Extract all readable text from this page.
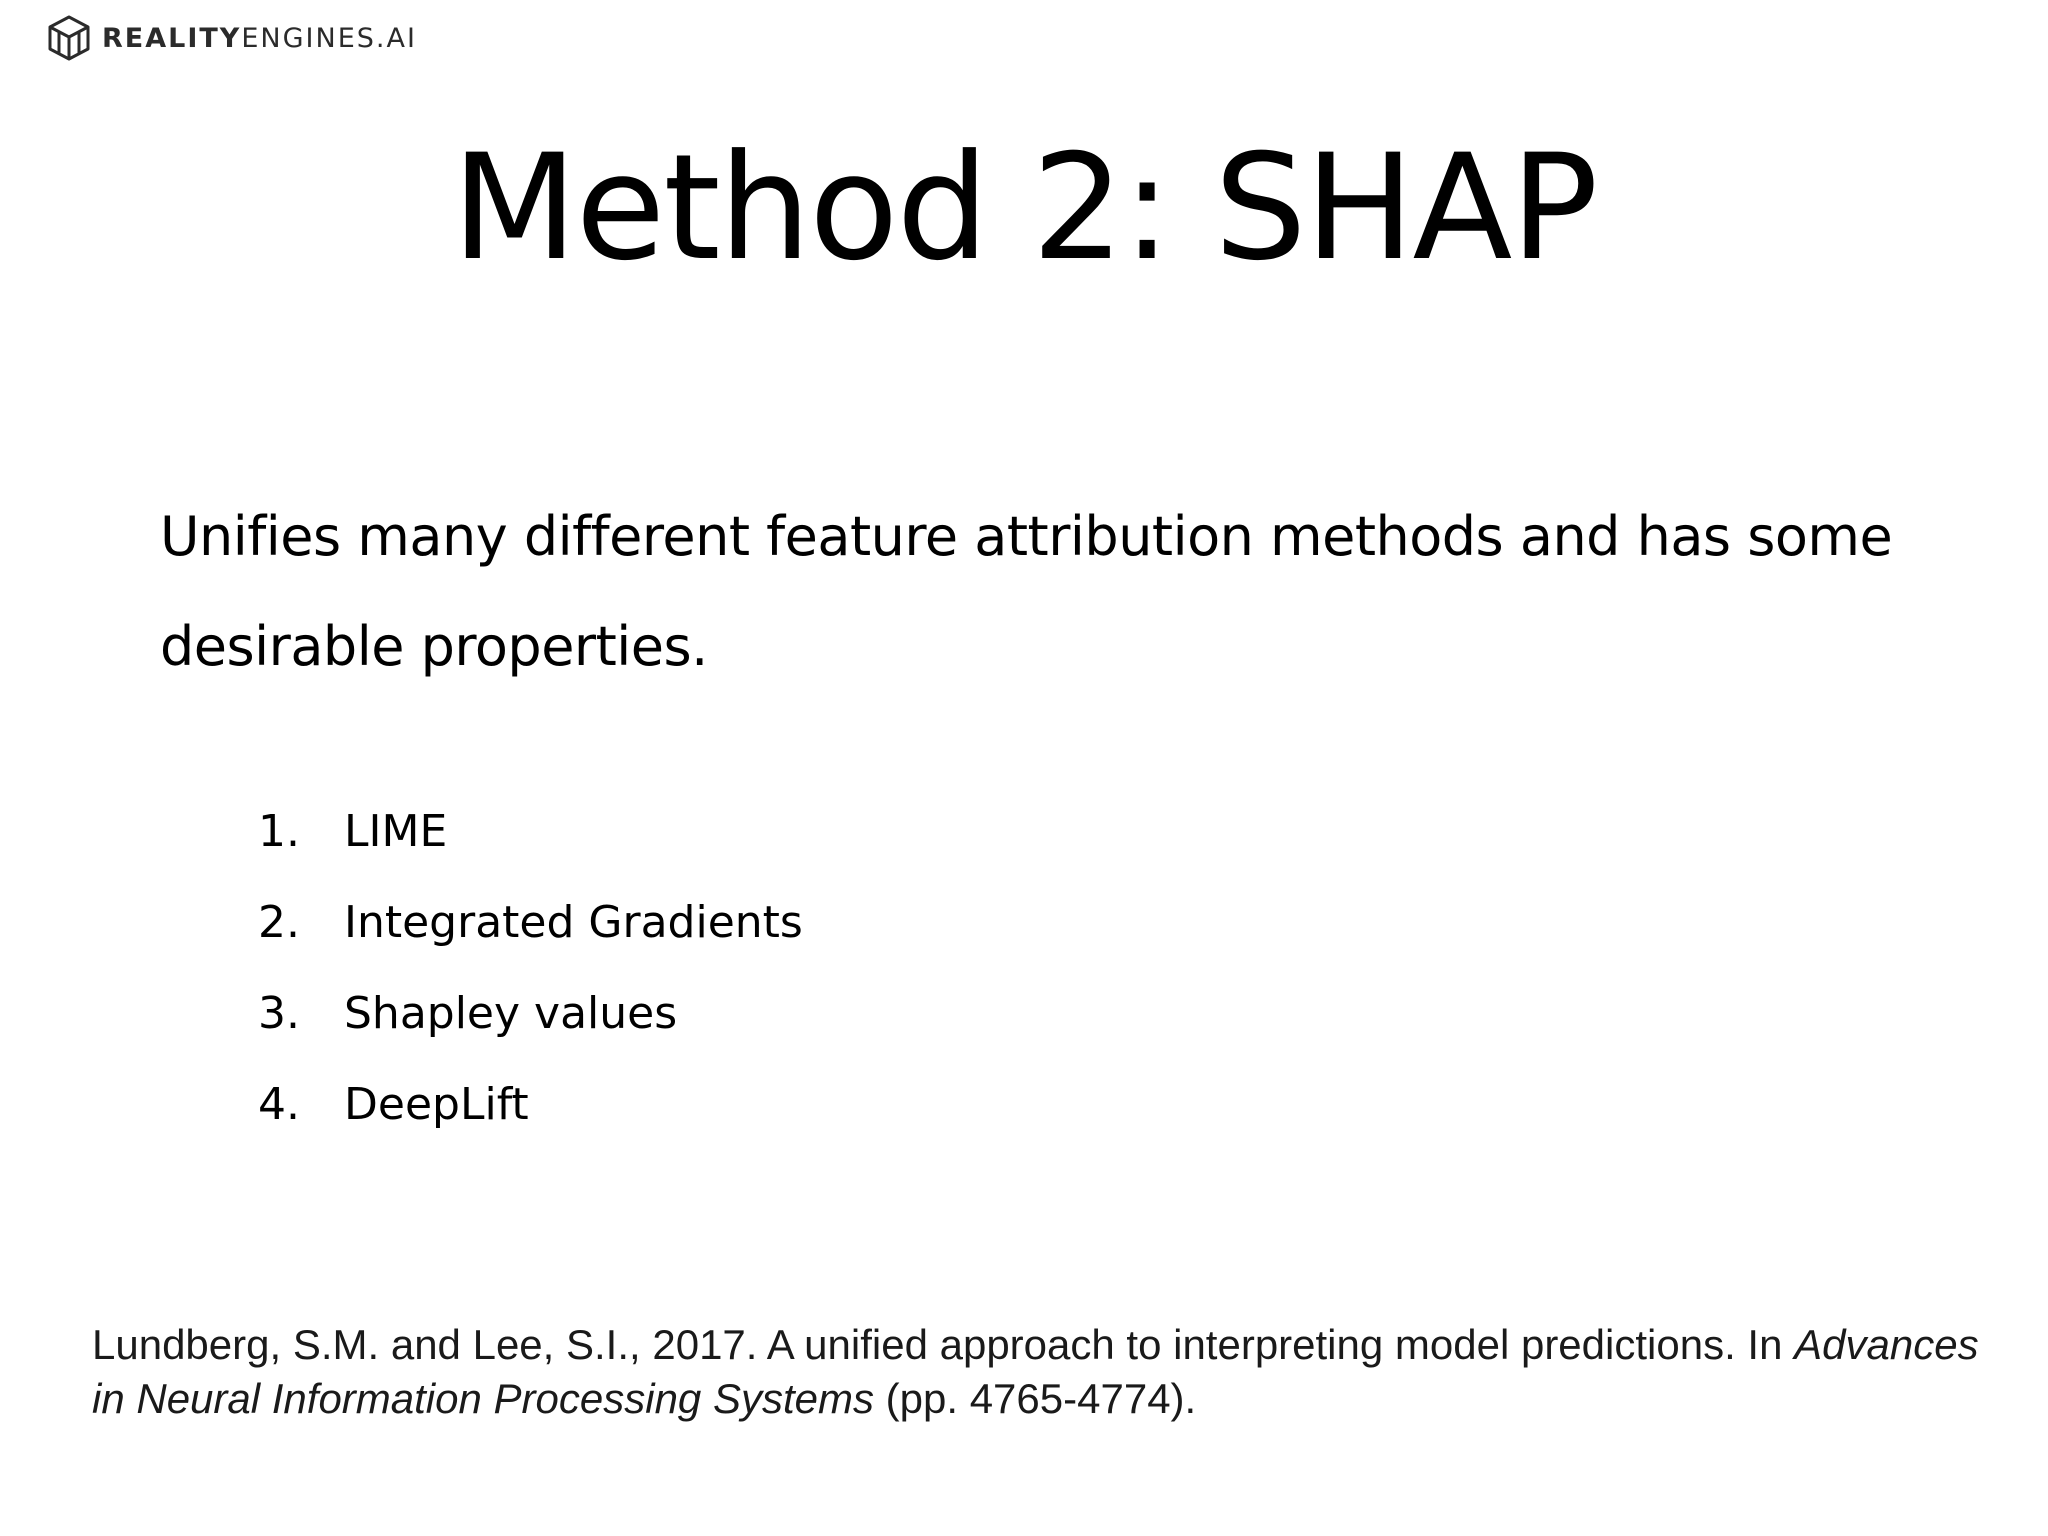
REALITYENGINES.AI
Method 2: SHAP

Unifies many different feature attribution methods and has some desirable properties.

1.	LIME
2.	Integrated Gradients
3.	Shapley values
4.	DeepLift

Lundberg, S.M. and Lee, S.I., 2017. A unified approach to interpreting model predictions. In Advances in Neural Information Processing Systems (pp. 4765-4774).
